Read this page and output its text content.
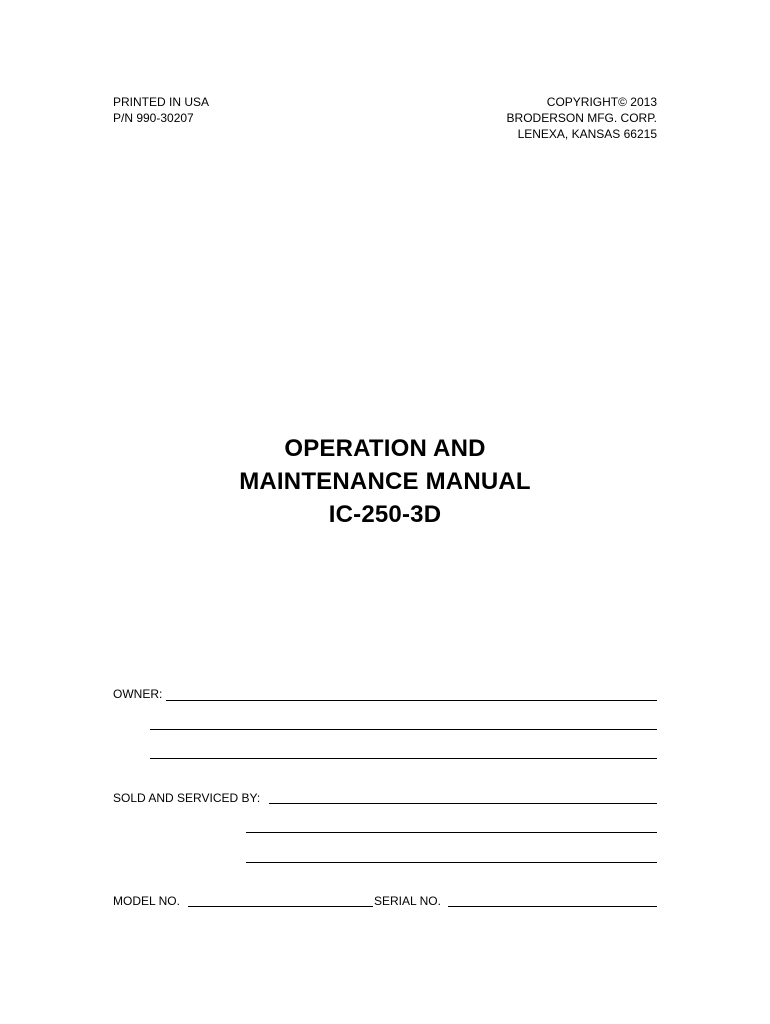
PRINTED IN USA
P/N 990-30207
COPYRIGHT© 2013
BRODERSON MFG. CORP.
LENEXA, KANSAS 66215
OPERATION AND
MAINTENANCE MANUAL
IC-250-3D
OWNER:
SOLD AND SERVICED BY:
MODEL NO.	SERIAL NO.
